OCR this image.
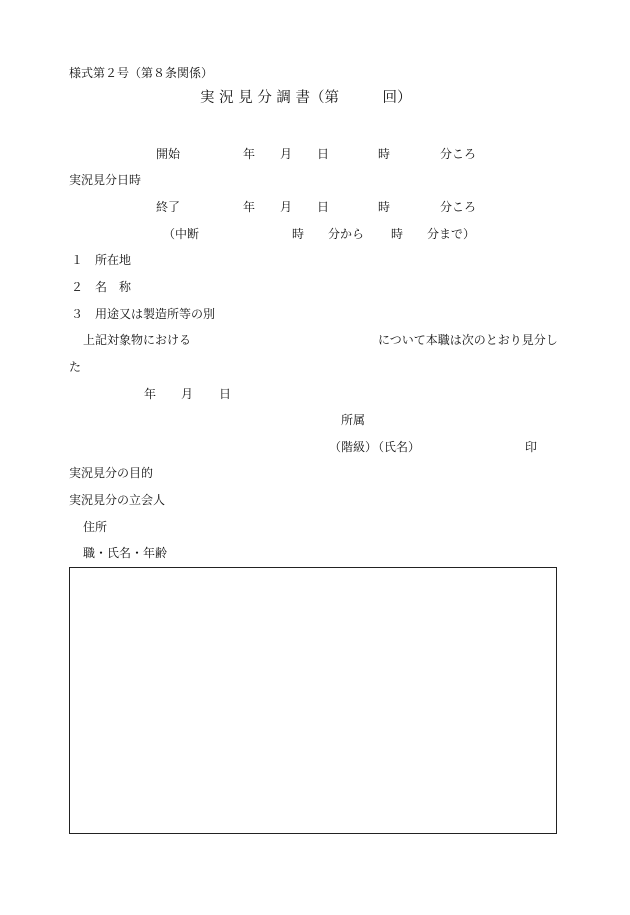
様式第２号（第８条関係）
実 況 見 分 調 書（第　　　回）
開始	年 月 日	時	分ころ
実況見分日時
終了	年 月 日	時	分ころ
（中断	時 分から 時 分まで）
１ 所在地
２ 名　称
３ 用途又は製造所等の別
上記対象物における	について本職は次のとおり見分し
た
年 月 日
所属
（階級）
（氏名）	印
実況見分の目的
実況見分の立会人
住所
職・氏名・年齢
